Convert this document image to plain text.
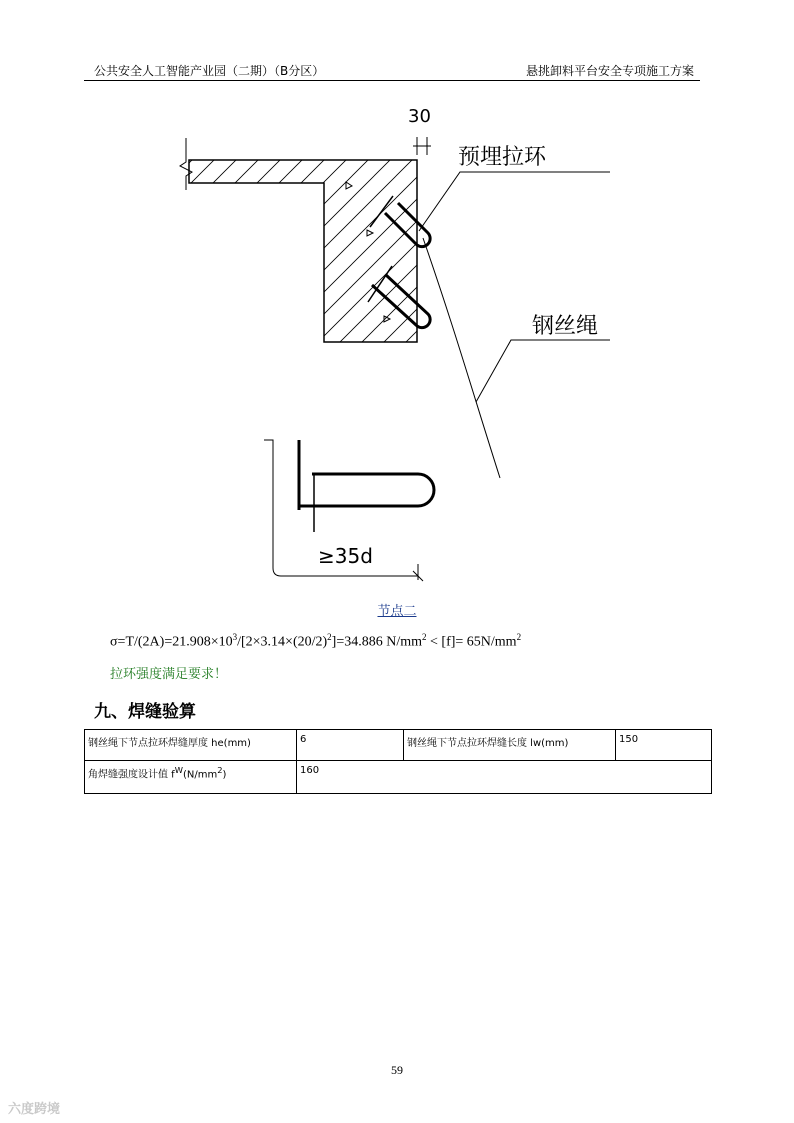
公共安全人工智能产业园（二期）（B分区）	悬挑卸料平台安全专项施工方案
30
预埋拉环
钢丝绳
≥35d
节点二
$\sigma=T/(2A)=21.908\times 10^3/[2\times 3.14\times(20/2)^2]=34.886$ $N/mm^2 < [f]= 65N/mm^2$
拉环强度满足要求！
九、焊缝验算
钢丝绳下节点拉环焊缝厚度 he(mm)	6	钢丝绳下节点拉环焊缝长度 lw(mm)	150
角焊缝强度设计值 $f^W(N/mm^2)$	160		
59
六度跨境
